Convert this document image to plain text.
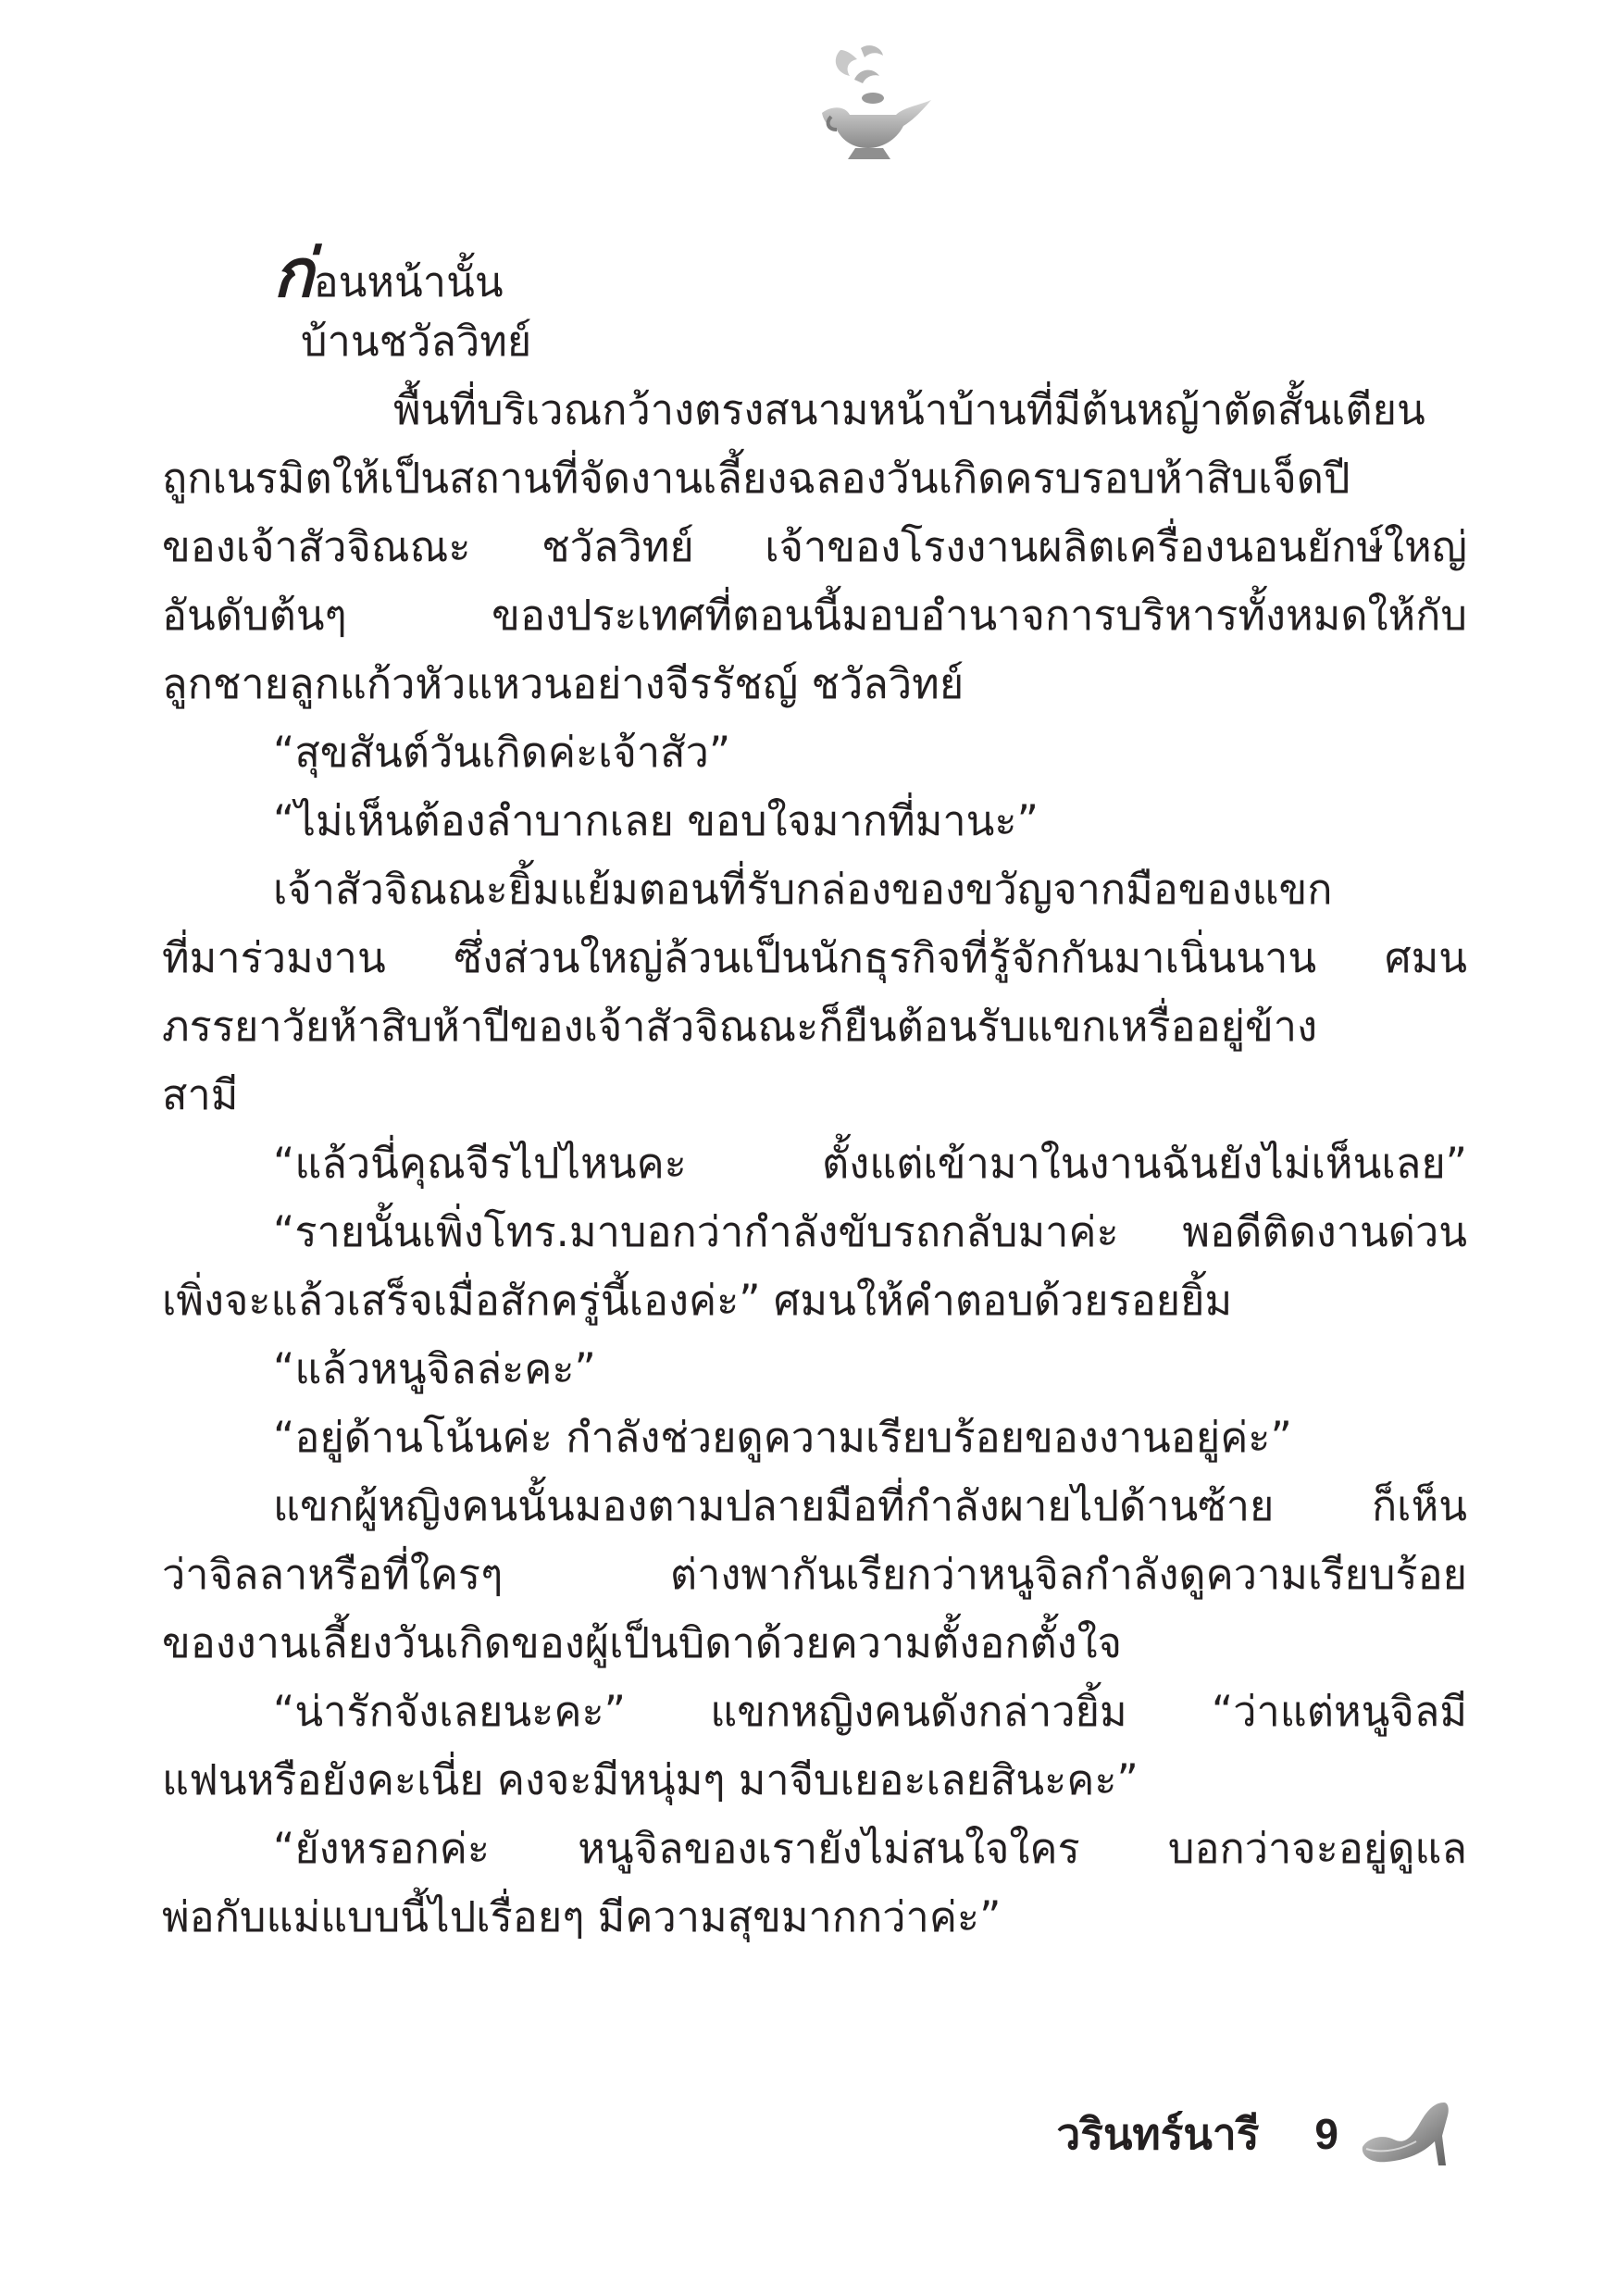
ก่อนหน้านั้น
บ้านชวัลวิทย์
พื้นที่บริเวณกว้างตรงสนามหน้าบ้านที่มีต้นหญ้าตัดสั้นเตียน
ถูกเนรมิตให้เป็นสถานที่จัดงานเลี้ยงฉลองวันเกิดครบรอบห้าสิบเจ็ดปี
ของเจ้าสัวจิณณะ ชวัลวิทย์ เจ้าของโรงงานผลิตเครื่องนอนยักษ์ใหญ่
อันดับต้นๆ ของประเทศที่ตอนนี้มอบอำนาจการบริหารทั้งหมดให้กับ
ลูกชายลูกแก้วหัวแหวนอย่างจีรรัชญ์ ชวัลวิทย์
“สุขสันต์วันเกิดค่ะเจ้าสัว”
“ไม่เห็นต้องลำบากเลย ขอบใจมากที่มานะ”
เจ้าสัวจิณณะยิ้มแย้มตอนที่รับกล่องของขวัญจากมือของแขก
ที่มาร่วมงาน ซึ่งส่วนใหญ่ล้วนเป็นนักธุรกิจที่รู้จักกันมาเนิ่นนาน ศมน
ภรรยาวัยห้าสิบห้าปีของเจ้าสัวจิณณะก็ยืนต้อนรับแขกเหรื่ออยู่ข้าง
สามี
“แล้วนี่คุณจีรไปไหนคะ ตั้งแต่เข้ามาในงานฉันยังไม่เห็นเลย”
“รายนั้นเพิ่งโทร.มาบอกว่ากำลังขับรถกลับมาค่ะ พอดีติดงานด่วน
เพิ่งจะแล้วเสร็จเมื่อสักครู่นี้เองค่ะ” ศมนให้คำตอบด้วยรอยยิ้ม
“แล้วหนูจิลล่ะคะ”
“อยู่ด้านโน้นค่ะ กำลังช่วยดูความเรียบร้อยของงานอยู่ค่ะ”
แขกผู้หญิงคนนั้นมองตามปลายมือที่กำลังผายไปด้านซ้าย ก็เห็น
ว่าจิลลาหรือที่ใครๆ ต่างพากันเรียกว่าหนูจิลกำลังดูความเรียบร้อย
ของงานเลี้ยงวันเกิดของผู้เป็นบิดาด้วยความตั้งอกตั้งใจ
“น่ารักจังเลยนะคะ” แขกหญิงคนดังกล่าวยิ้ม “ว่าแต่หนูจิลมี
แฟนหรือยังคะเนี่ย คงจะมีหนุ่มๆ มาจีบเยอะเลยสินะคะ”
“ยังหรอกค่ะ หนูจิลของเรายังไม่สนใจใคร บอกว่าจะอยู่ดูแล
พ่อกับแม่แบบนี้ไปเรื่อยๆ มีความสุขมากกว่าค่ะ”
วรินทร์นารี 9
